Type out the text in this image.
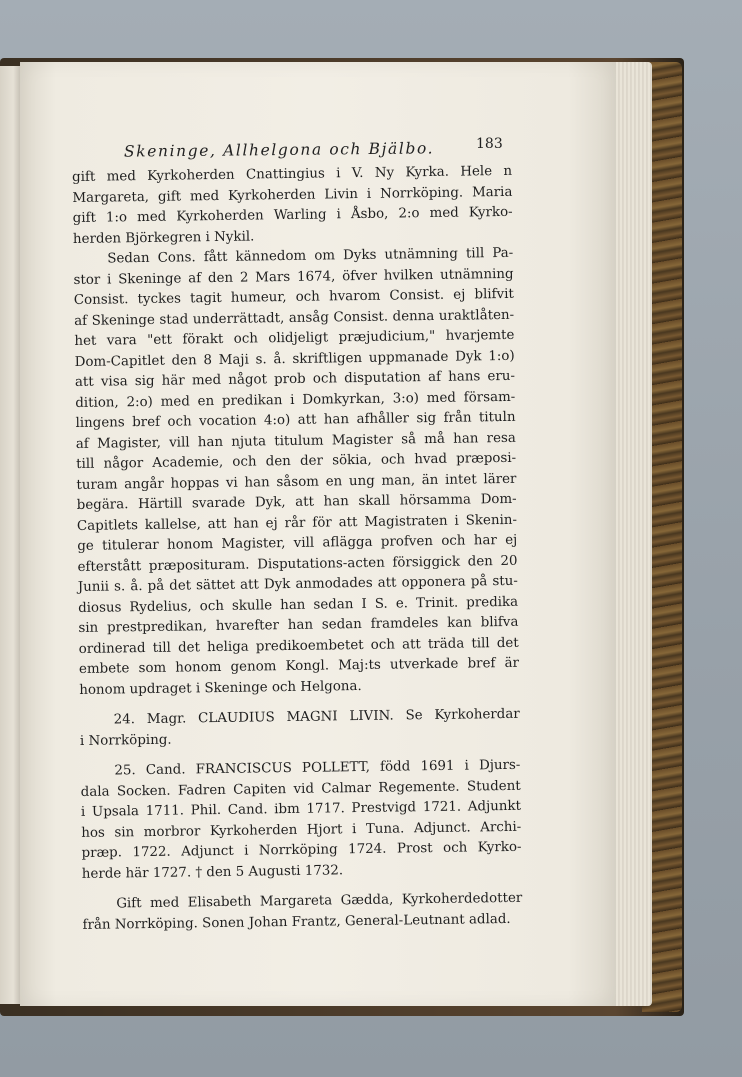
Skeninge, Allhelgona och Bjälbo.	183
gift med Kyrkoherden Cnattingius i V. Ny Kyrka. Hele n
Margareta, gift med Kyrkoherden Livin i Norrköping. Maria
gift 1:o med Kyrkoherden Warling i Åsbo, 2:o med Kyrko-
herden Björkegren i Nykil.
Sedan Cons. fått kännedom om Dyks utnämning till Pa-
stor i Skeninge af den 2 Mars 1674, öfver hvilken utnämning
Consist. tyckes tagit humeur, och hvarom Consist. ej blifvit
af Skeninge stad underrättadt, ansåg Consist. denna uraktlåten-
het vara "ett förakt och olidjeligt præjudicium," hvarjemte
Dom-Capitlet den 8 Maji s. å. skriftligen uppmanade Dyk 1:o)
att visa sig här med något prob och disputation af hans eru-
dition, 2:o) med en predikan i Domkyrkan, 3:o) med försam-
lingens bref och vocation 4:o) att han afhåller sig från tituln
af Magister, vill han njuta titulum Magister så må han resa
till någor Academie, och den der sökia, och hvad præposi-
turam angår hoppas vi han såsom en ung man, än intet lärer
begära. Härtill svarade Dyk, att han skall hörsamma Dom-
Capitlets kallelse, att han ej rår för att Magistraten i Skenin-
ge titulerar honom Magister, vill aflägga profven och har ej
efterstått præposituram. Disputations-acten försiggick den 20
Junii s. å. på det sättet att Dyk anmodades att opponera på stu-
diosus Rydelius, och skulle han sedan I S. e. Trinit. predika
sin prestpredikan, hvarefter han sedan framdeles kan blifva
ordinerad till det heliga predikoembetet och att träda till det
embete som honom genom Kongl. Maj:ts utverkade bref är
honom updraget i Skeninge och Helgona.
24. Magr. CLAUDIUS MAGNI LIVIN. Se Kyrkoherdar
i Norrköping.
25. Cand. FRANCISCUS POLLETT, född 1691 i Djurs-
dala Socken. Fadren Capiten vid Calmar Regemente. Student
i Upsala 1711. Phil. Cand. ibm 1717. Prestvigd 1721. Adjunkt
hos sin morbror Kyrkoherden Hjort i Tuna. Adjunct. Archi-
præp. 1722. Adjunct i Norrköping 1724. Prost och Kyrko-
herde här 1727. † den 5 Augusti 1732.
Gift med Elisabeth Margareta Gædda, Kyrkoherdedotter
från Norrköping. Sonen Johan Frantz, General-Leutnant adlad.
